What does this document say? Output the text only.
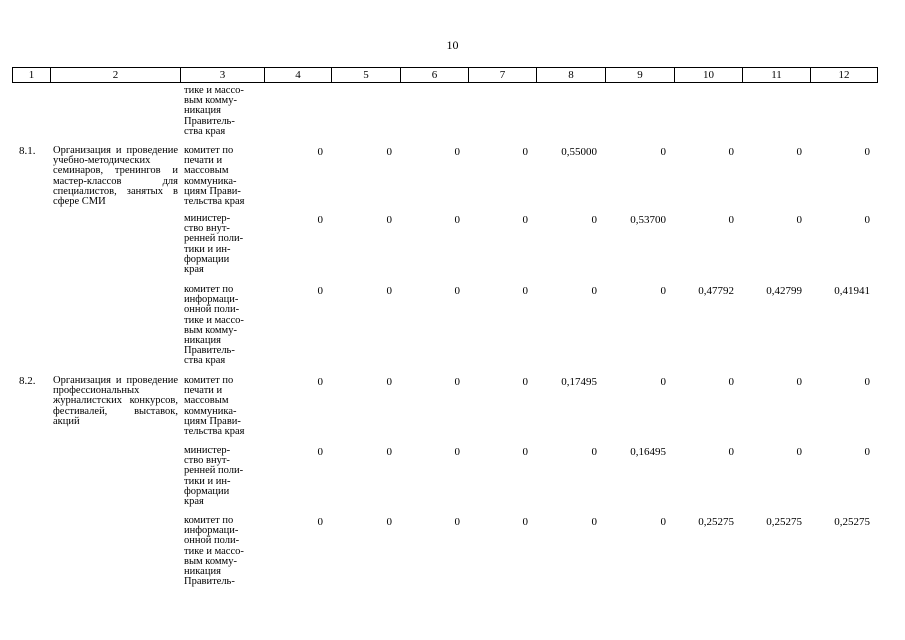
10
1	2	3	4	5	6	7	8	9	10	11	12
тике и массо-
вым комму-
никация
Правитель-
ства края
8.1.	Организация и проведение учебно-методических семинаров, тренингов и мастер-классов для специалистов, занятых в сфере СМИ
комитет по
печати и
массовым
коммуника-
циям Прави-
тельства края
0	0	0	0	0,55000	0	0	0	0
министер-
ство внут-
ренней поли-
тики и ин-
формации
края
0	0	0	0	0	0,53700	0	0	0
комитет по
информаци-
онной поли-
тике и массо-
вым комму-
никация
Правитель-
ства края
0	0	0	0	0	0	0,47792	0,42799	0,41941
8.2.	Организация и проведение профессиональных журналистских конкурсов, фестивалей, выставок, акций
комитет по
печати и
массовым
коммуника-
циям Прави-
тельства края
0	0	0	0	0,17495	0	0	0	0
министер-
ство внут-
ренней поли-
тики и ин-
формации
края
0	0	0	0	0	0,16495	0	0	0
комитет по
информаци-
онной поли-
тике и массо-
вым комму-
никация
Правитель-
0	0	0	0	0	0	0,25275	0,25275	0,25275
